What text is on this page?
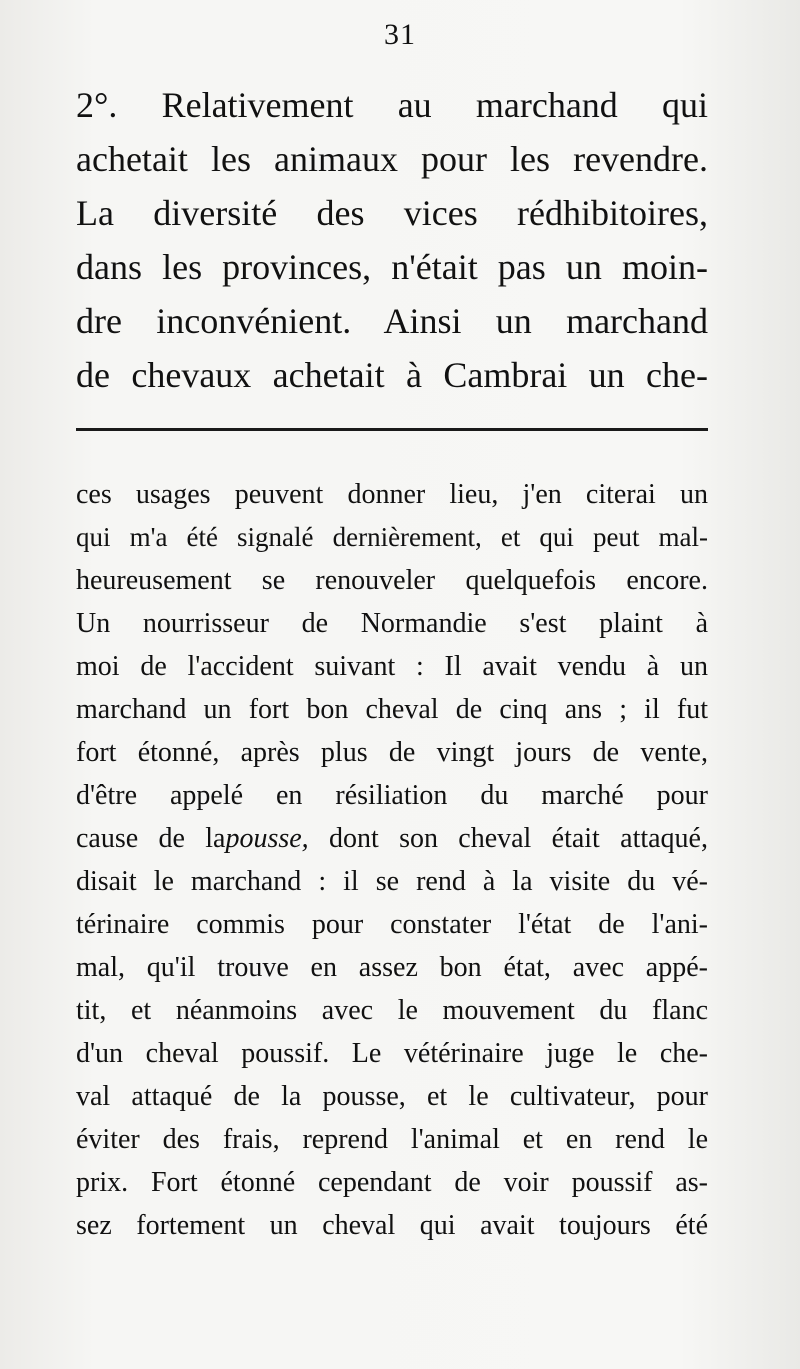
31
2°. Relativement au marchand qui
achetait les animaux pour les revendre.
La diversité des vices rédhibitoires,
dans les provinces, n'était pas un moin-
dre inconvénient. Ainsi un marchand
de chevaux achetait à Cambrai un che-
ces usages peuvent donner lieu, j'en citerai un
qui m'a été signalé dernièrement, et qui peut mal-
heureusement se renouveler quelquefois encore.
Un nourrisseur de Normandie s'est plaint à
moi de l'accident suivant : Il avait vendu à un
marchand un fort bon cheval de cinq ans ; il fut
fort étonné, après plus de vingt jours de vente,
d'être appelé en résiliation du marché pour
cause de lapousse, dont son cheval était attaqué,
disait le marchand : il se rend à la visite du vé-
térinaire commis pour constater l'état de l'ani-
mal, qu'il trouve en assez bon état, avec appé-
tit, et néanmoins avec le mouvement du flanc
d'un cheval poussif. Le vétérinaire juge le che-
val attaqué de la pousse, et le cultivateur, pour
éviter des frais, reprend l'animal et en rend le
prix. Fort étonné cependant de voir poussif as-
sez fortement un cheval qui avait toujours été
